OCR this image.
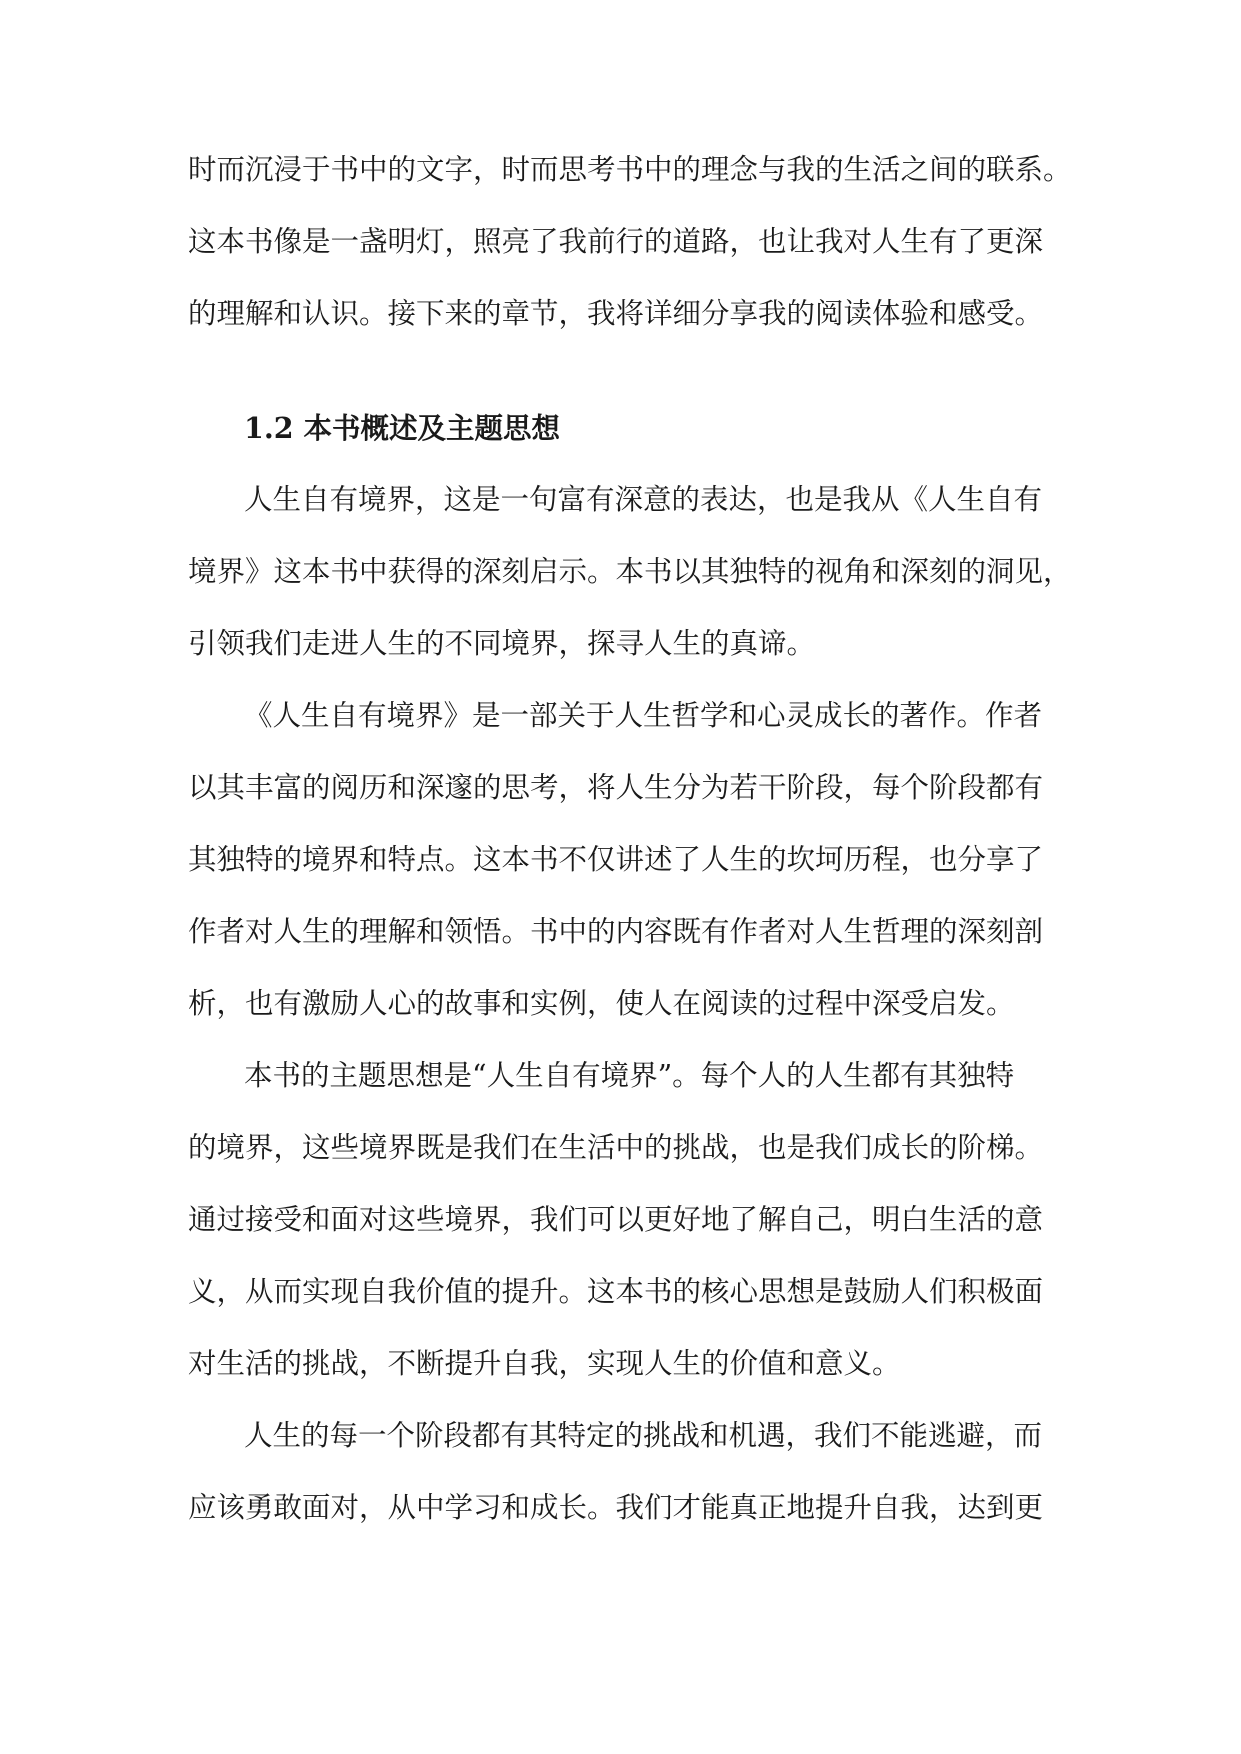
时而沉浸于书中的文字，时而思考书中的理念与我的生活之间的联系。

这本书像是一盏明灯，照亮了我前行的道路，也让我对人生有了更深

的理解和认识。接下来的章节，我将详细分享我的阅读体验和感受。

1.2 本书概述及主题思想

人生自有境界，这是一句富有深意的表达，也是我从《人生自有

境界》这本书中获得的深刻启示。本书以其独特的视角和深刻的洞见，

引领我们走进人生的不同境界，探寻人生的真谛。

《人生自有境界》是一部关于人生哲学和心灵成长的著作。作者

以其丰富的阅历和深邃的思考，将人生分为若干阶段，每个阶段都有

其独特的境界和特点。这本书不仅讲述了人生的坎坷历程，也分享了

作者对人生的理解和领悟。书中的内容既有作者对人生哲理的深刻剖

析，也有激励人心的故事和实例，使人在阅读的过程中深受启发。

本书的主题思想是“人生自有境界”。每个人的人生都有其独特

的境界，这些境界既是我们在生活中的挑战，也是我们成长的阶梯。

通过接受和面对这些境界，我们可以更好地了解自己，明白生活的意

义，从而实现自我价值的提升。这本书的核心思想是鼓励人们积极面

对生活的挑战，不断提升自我，实现人生的价值和意义。

人生的每一个阶段都有其特定的挑战和机遇，我们不能逃避，而

应该勇敢面对，从中学习和成长。我们才能真正地提升自我，达到更
